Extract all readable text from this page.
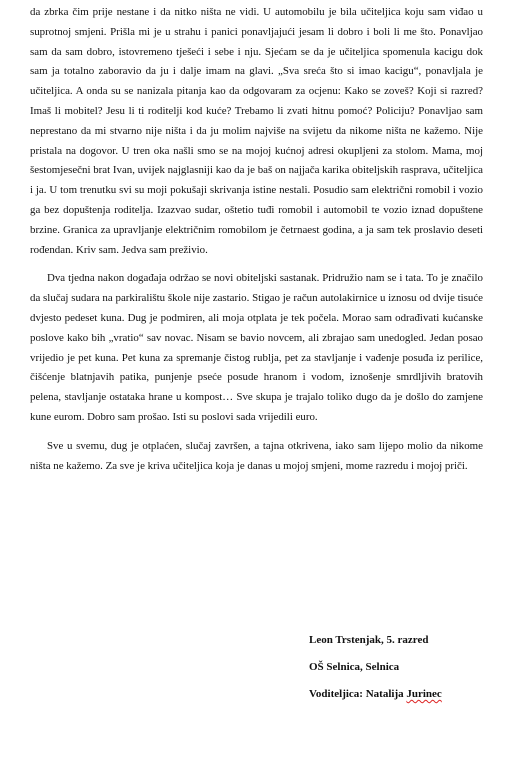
da zbrka čim prije nestane i da nitko ništa ne vidi. U automobilu je bila učiteljica koju sam viđao u suprotnoj smjeni. Prišla mi je u strahu i panici ponavljajući jesam li dobro i boli li me što. Ponavljao sam da sam dobro, istovremeno tješeći i sebe i nju. Sjećam se da je učiteljica spomenula kacigu dok sam ja totalno zaboravio da ju i dalje imam na glavi. „Sva sreća što si imao kacigu“, ponavljala je učiteljica. A onda su se nanizala pitanja kao da odgovaram za ocjenu: Kako se zoveš? Koji si razred? Imaš li mobitel? Jesu li ti roditelji kod kuće? Trebamo li zvati hitnu pomoć? Policiju? Ponavljao sam neprestano da mi stvarno nije ništa i da ju molim najviše na svijetu da nikome ništa ne kažemo. Nije pristala na dogovor. U tren oka našli smo se na mojoj kućnoj adresi okupljeni za stolom. Mama, moj šestomjesečni brat Ivan, uvijek najglasniji kao da je baš on najjača karika obiteljskih rasprava, učiteljica i ja. U tom trenutku svi su moji pokušaji skrivanja istine nestali. Posudio sam električni romobil i vozio ga bez dopuštenja roditelja. Izazvao sudar, oštetio tuđi romobil i automobil te vozio iznad dopuštene brzine. Granica za upravljanje električnim romobilom je četrnaest godina, a ja sam tek proslavio deseti rođendan. Kriv sam. Jedva sam preživio.

Dva tjedna nakon događaja održao se novi obiteljski sastanak. Pridružio nam se i tata. To je značilo da slučaj sudara na parkiralištu škole nije zastario. Stigao je račun autolakirnice u iznosu od dvije tisuće dvjesto pedeset kuna. Dug je podmiren, ali moja otplata je tek počela. Morao sam odrađivati kućanske poslove kako bih „vratio“ sav novac. Nisam se bavio novcem, ali zbrajao sam unedogled. Jedan posao vrijedio je pet kuna. Pet kuna za spremanje čistog rublja, pet za stavljanje i vađenje posuđa iz perilice, čišćenje blatnjavih patika, punjenje pseće posude hranom i vodom, iznošenje smrdljivih bratovih pelena, stavljanje ostataka hrane u kompost… Sve skupa je trajalo toliko dugo da je došlo do zamjene kune eurom. Dobro sam prošao. Isti su poslovi sada vrijedili euro.

Sve u svemu, dug je otplaćen, slučaj završen, a tajna otkrivena, iako sam lijepo molio da nikome ništa ne kažemo. Za sve je kriva učiteljica koja je danas u mojoj smjeni, mome razredu i mojoj priči.

Leon Trstenjak, 5. razred
OŠ Selnica, Selnica
Voditeljica: Natalija Jurinec
